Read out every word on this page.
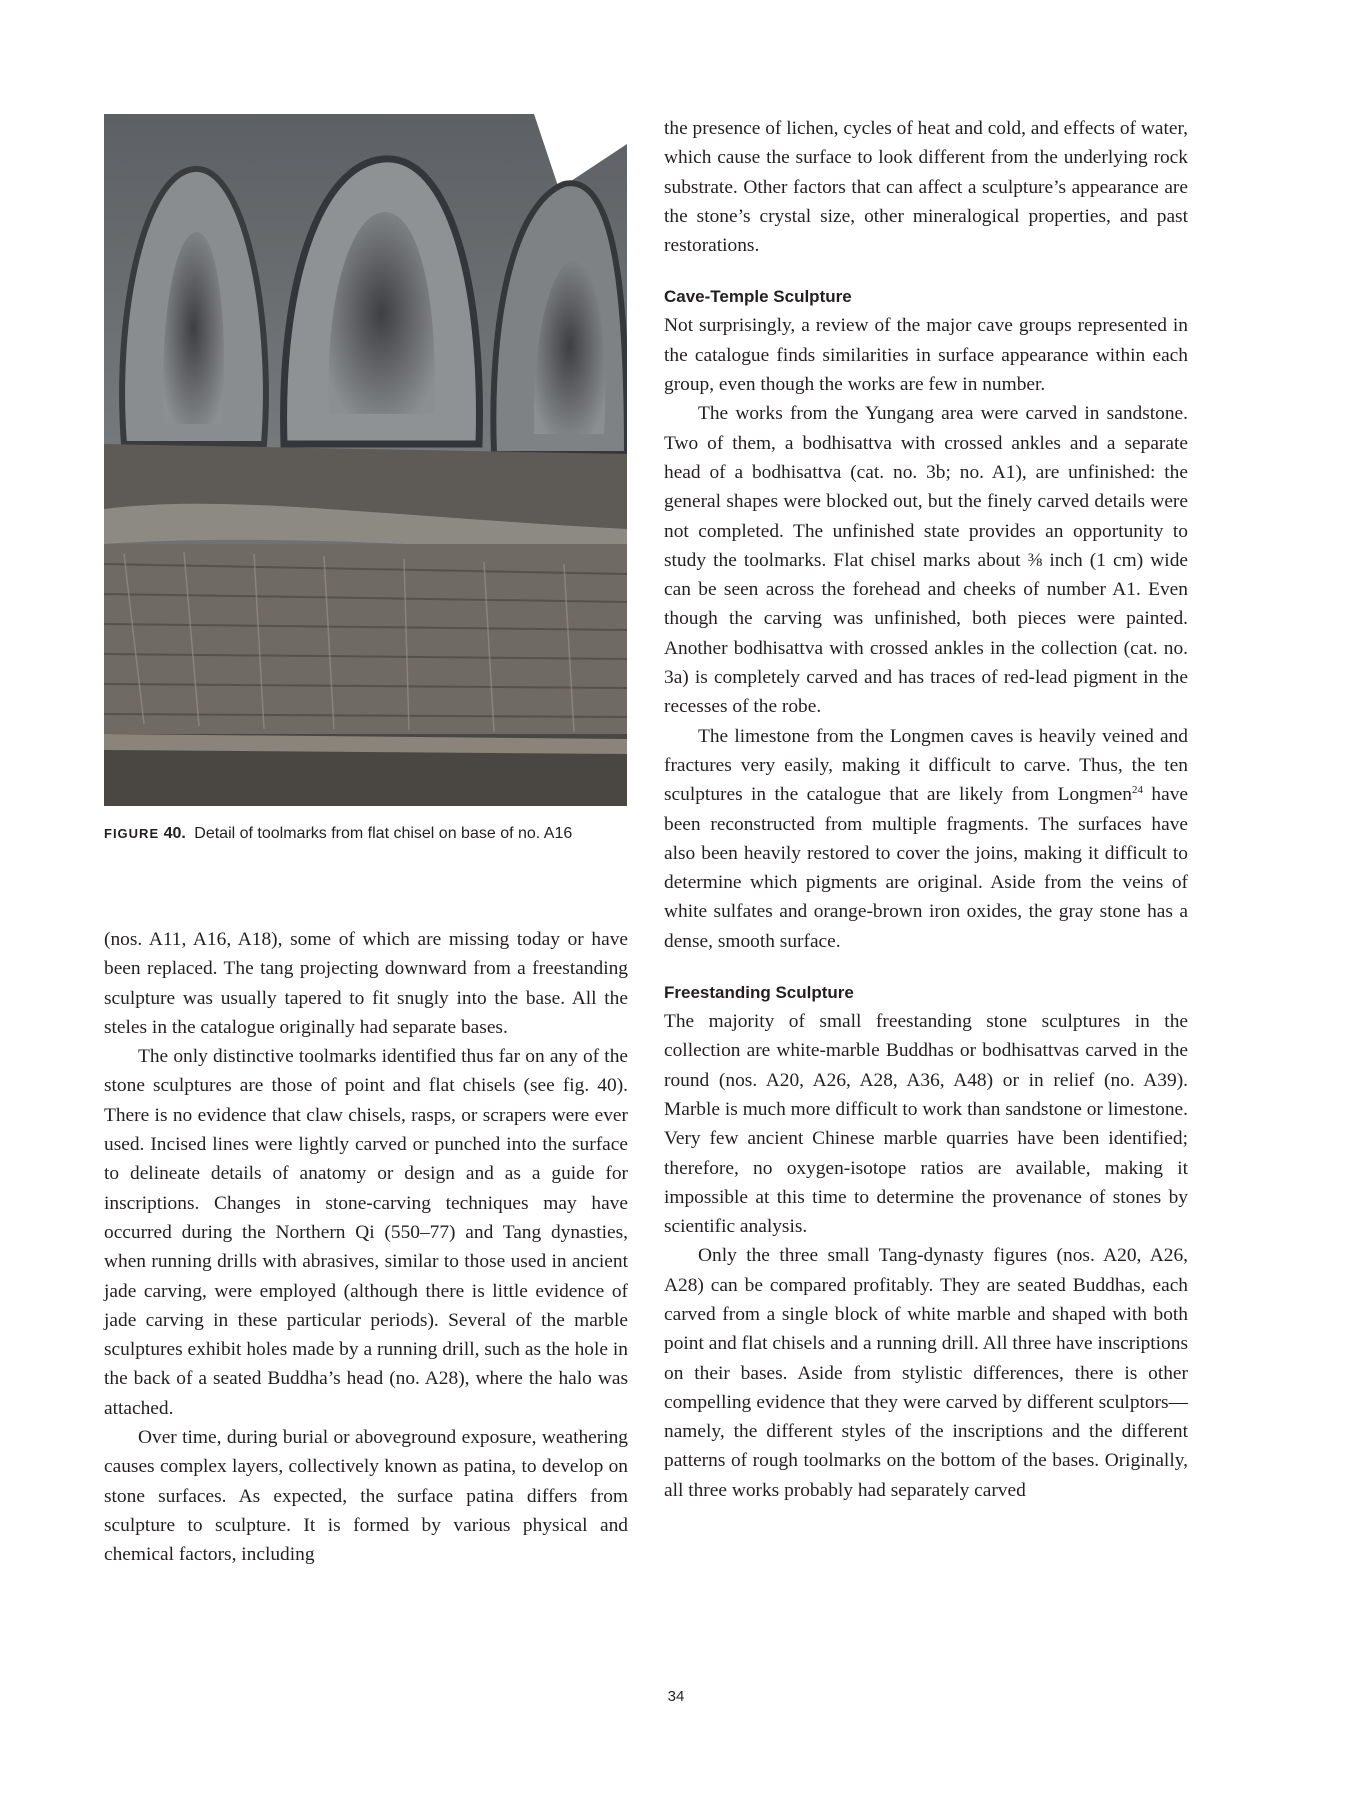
FIGURE 40. Detail of toolmarks from flat chisel on base of no. A16

(nos. A11, A16, A18), some of which are missing today or have been replaced. The tang projecting downward from a freestanding sculpture was usually tapered to fit snugly into the base. All the steles in the catalogue originally had separate bases.

The only distinctive toolmarks identified thus far on any of the stone sculptures are those of point and flat chisels (see fig. 40). There is no evidence that claw chisels, rasps, or scrapers were ever used. Incised lines were lightly carved or punched into the surface to delineate details of anatomy or design and as a guide for inscriptions. Changes in stone-carving techniques may have occurred during the Northern Qi (550–77) and Tang dynasties, when running drills with abrasives, similar to those used in ancient jade carving, were employed (although there is little evidence of jade carving in these particular periods). Several of the marble sculptures exhibit holes made by a running drill, such as the hole in the back of a seated Buddha’s head (no. A28), where the halo was attached.

Over time, during burial or aboveground exposure, weathering causes complex layers, collectively known as patina, to develop on stone surfaces. As expected, the surface patina differs from sculpture to sculpture. It is formed by various physical and chemical factors, including

the presence of lichen, cycles of heat and cold, and effects of water, which cause the surface to look different from the underlying rock substrate. Other factors that can affect a sculpture’s appearance are the stone’s crystal size, other mineralogical properties, and past restorations.

Cave-Temple Sculpture

Not surprisingly, a review of the major cave groups represented in the catalogue finds similarities in surface appearance within each group, even though the works are few in number.

The works from the Yungang area were carved in sandstone. Two of them, a bodhisattva with crossed ankles and a separate head of a bodhisattva (cat. no. 3b; no. A1), are unfinished: the general shapes were blocked out, but the finely carved details were not completed. The unfinished state provides an opportunity to study the toolmarks. Flat chisel marks about ⅜ inch (1 cm) wide can be seen across the forehead and cheeks of number A1. Even though the carving was unfinished, both pieces were painted. Another bodhisattva with crossed ankles in the collection (cat. no. 3a) is completely carved and has traces of red-lead pigment in the recesses of the robe.

The limestone from the Longmen caves is heavily veined and fractures very easily, making it difficult to carve. Thus, the ten sculptures in the catalogue that are likely from Longmen$^{24}$ have been reconstructed from multiple fragments. The surfaces have also been heavily restored to cover the joins, making it difficult to determine which pigments are original. Aside from the veins of white sulfates and orange-brown iron oxides, the gray stone has a dense, smooth surface.

Freestanding Sculpture

The majority of small freestanding stone sculptures in the collection are white-marble Buddhas or bodhisattvas carved in the round (nos. A20, A26, A28, A36, A48) or in relief (no. A39). Marble is much more difficult to work than sandstone or limestone. Very few ancient Chinese marble quarries have been identified; therefore, no oxygen-isotope ratios are available, making it impossible at this time to determine the provenance of stones by scientific analysis.

Only the three small Tang-dynasty figures (nos. A20, A26, A28) can be compared profitably. They are seated Buddhas, each carved from a single block of white marble and shaped with both point and flat chisels and a running drill. All three have inscriptions on their bases. Aside from stylistic differences, there is other compelling evidence that they were carved by different sculptors—namely, the different styles of the inscriptions and the different patterns of rough toolmarks on the bottom of the bases. Originally, all three works probably had separately carved

34
